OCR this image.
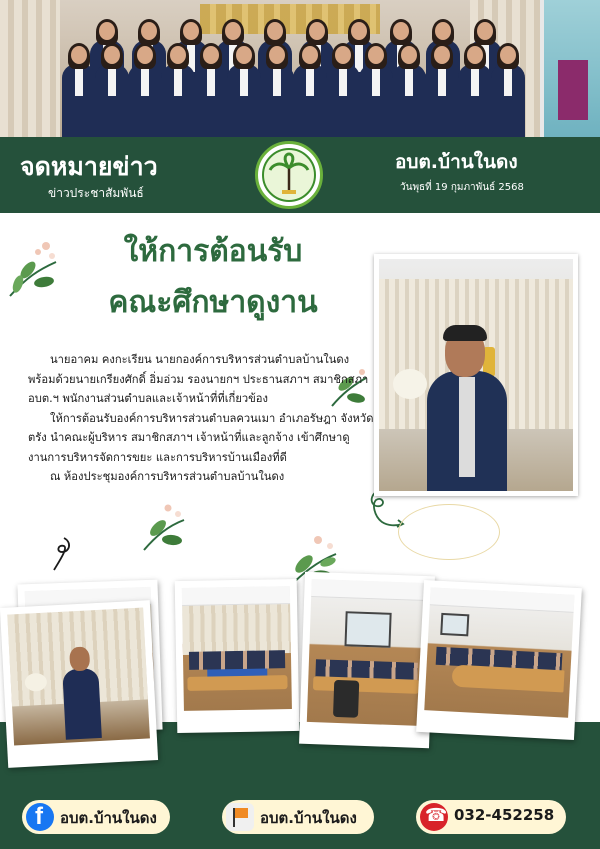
จดหมายข่าว
ข่าวประชาสัมพันธ์
อบต.บ้านในดง
วันพุธที่ 19 กุมภาพันธ์ 2568
ให้การต้อนรับ
คณะศึกษาดูงาน

นายอาคม คงกะเรียน นายกองค์การบริหารส่วนตำบลบ้านในดง พร้อมด้วยนายเกรียงศักดิ์ อิ่มอ่วม รองนายกฯ ประธานสภาฯ สมาชิกสภาอบต.ฯ พนักงานส่วนตำบลและเจ้าหน้าที่ที่เกี่ยวข้อง

ให้การต้อนรับองค์การบริหารส่วนตำบลควนเมา อำเภอรัษฎา จังหวัดตรัง นำคณะผู้บริหาร สมาชิกสภาฯ เจ้าหน้าที่และลูกจ้าง เข้าศึกษาดูงานการบริหารจัดการขยะ และการบริหารบ้านเมืองที่ดี

ณ ห้องประชุมองค์การบริหารส่วนตำบลบ้านในดง

f
อบต.บ้านในดง	อบต.บ้านในดง
☎	032-452258
